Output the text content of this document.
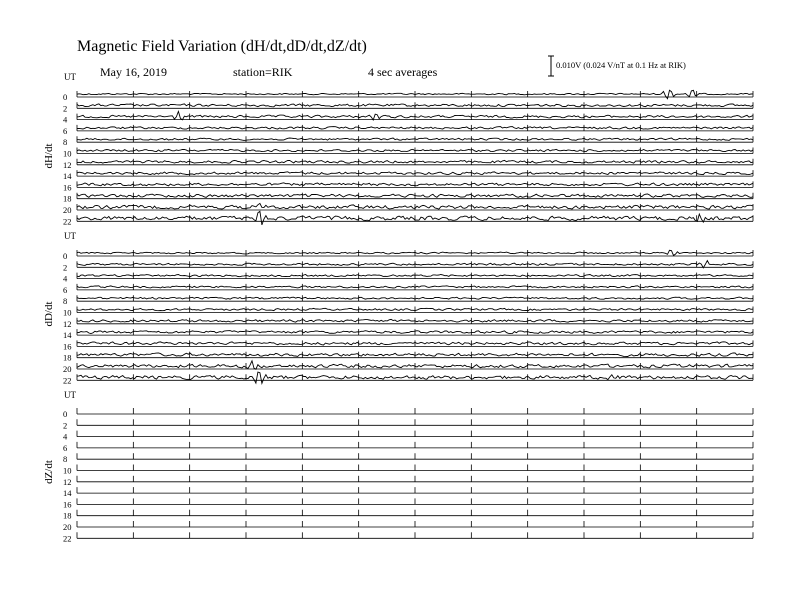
Magnetic Field Variation (dH/dt,dD/dt,dZ/dt)
May 16, 2019	station=RIK	4 sec averages	0.010V (0.024 V/nT at 0.1 Hz at RIK)
UT
dH/dt
0
2
4
6
8
10
12
14
16
18
20
22
UT
dD/dt
0
2
4
6
8
10
12
14
16
18
20
22
UT
dZ/dt
0
2
4
6
8
10
12
14
16
18
20
22
